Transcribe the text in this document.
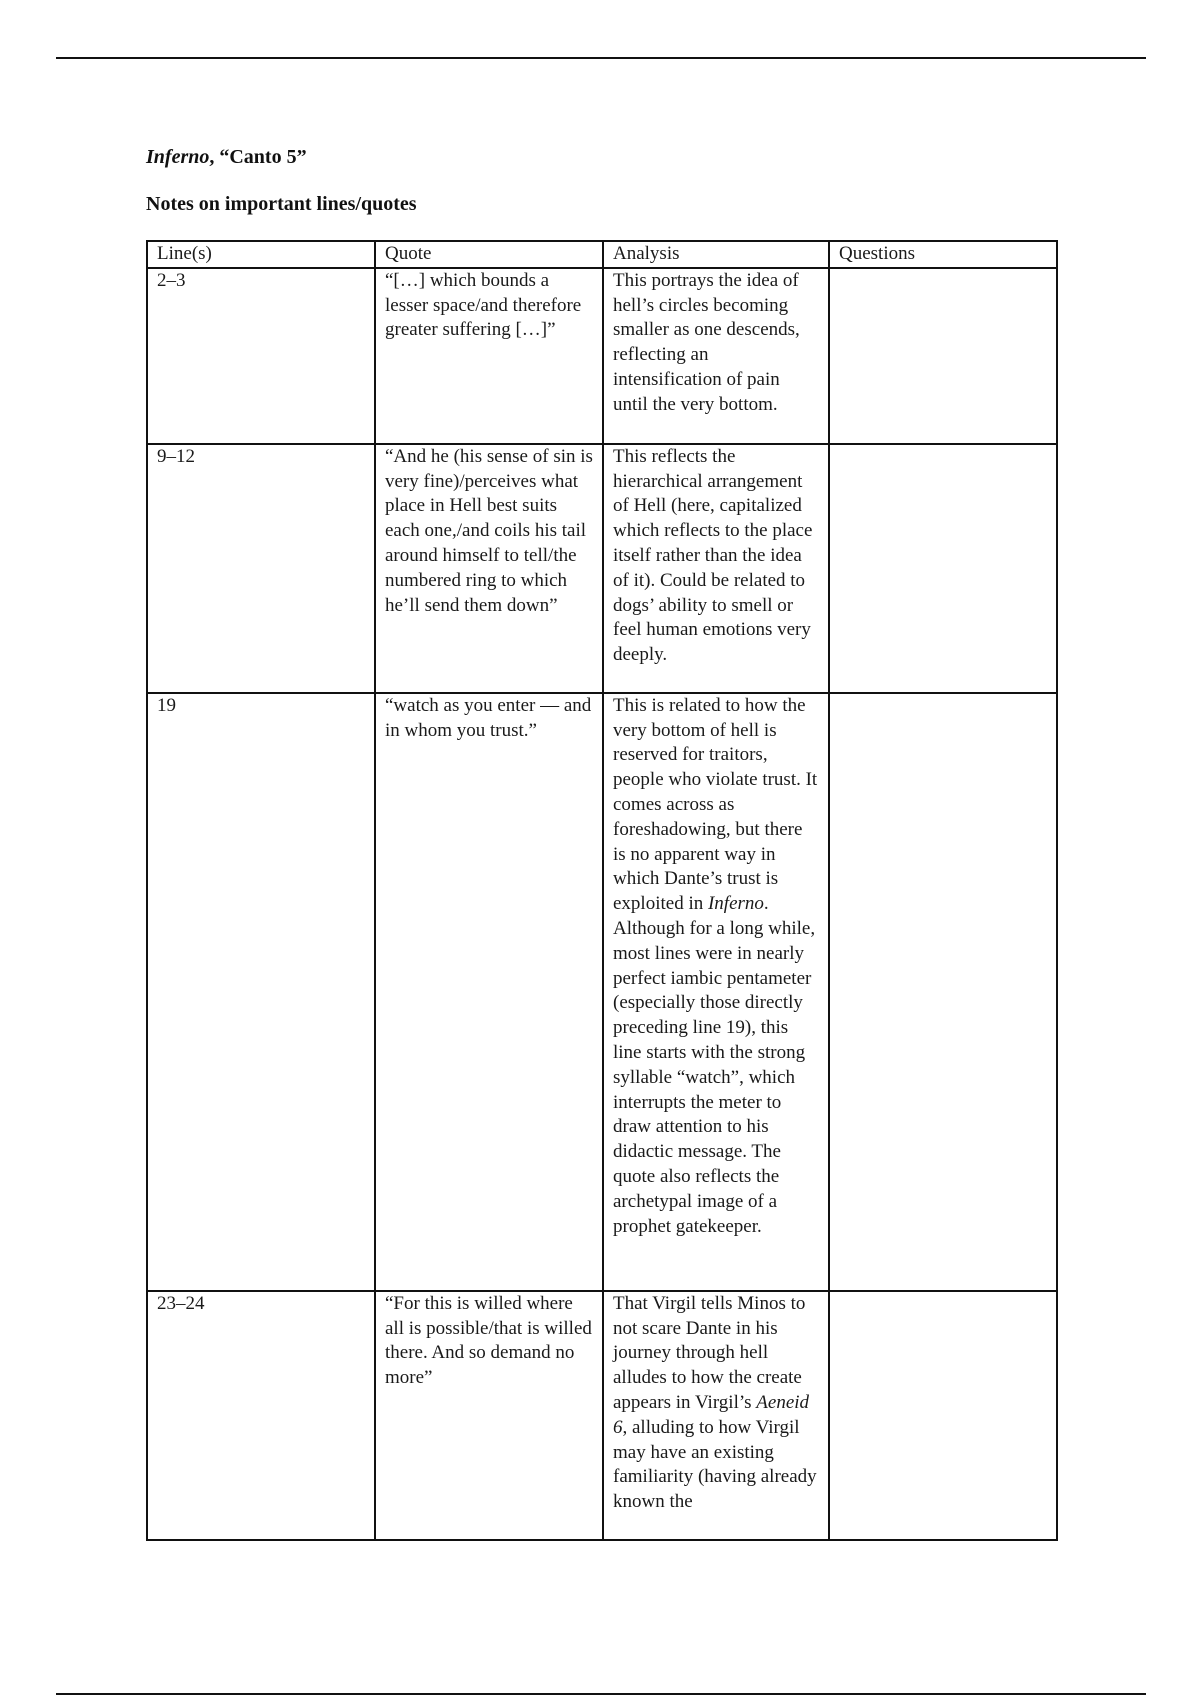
Inferno, “Canto 5”
Notes on important lines/quotes
Line(s)	Quote	Analysis	Questions
2–3	“[…] which bounds a lesser space/and therefore greater suffering […]”	This portrays the idea of hell’s circles becoming smaller as one descends, reflecting an intensification of pain until the very bottom.	
9–12	“And he (his sense of sin is very fine)/perceives what place in Hell best suits each one,/and coils his tail around himself to tell/the numbered ring to which he’ll send them down”	This reflects the hierarchical arrangement of Hell (here, capitalized which reflects to the place itself rather than the idea of it). Could be related to dogs’ ability to smell or feel human emotions very deeply.	
19	“watch as you enter — and in whom you trust.”	This is related to how the very bottom of hell is reserved for traitors, people who violate trust. It comes across as foreshadowing, but there is no apparent way in which Dante’s trust is exploited in Inferno. Although for a long while, most lines were in nearly perfect iambic pentameter (especially those directly preceding line 19), this line starts with the strong syllable “watch”, which interrupts the meter to draw attention to his didactic message. The quote also reflects the archetypal image of a prophet gatekeeper.	
23–24	“For this is willed where all is possible/that is willed there. And so demand no more”	That Virgil tells Minos to not scare Dante in his journey through hell alludes to how the create appears in Virgil’s Aeneid 6, alluding to how Virgil may have an existing familiarity (having already known the	
